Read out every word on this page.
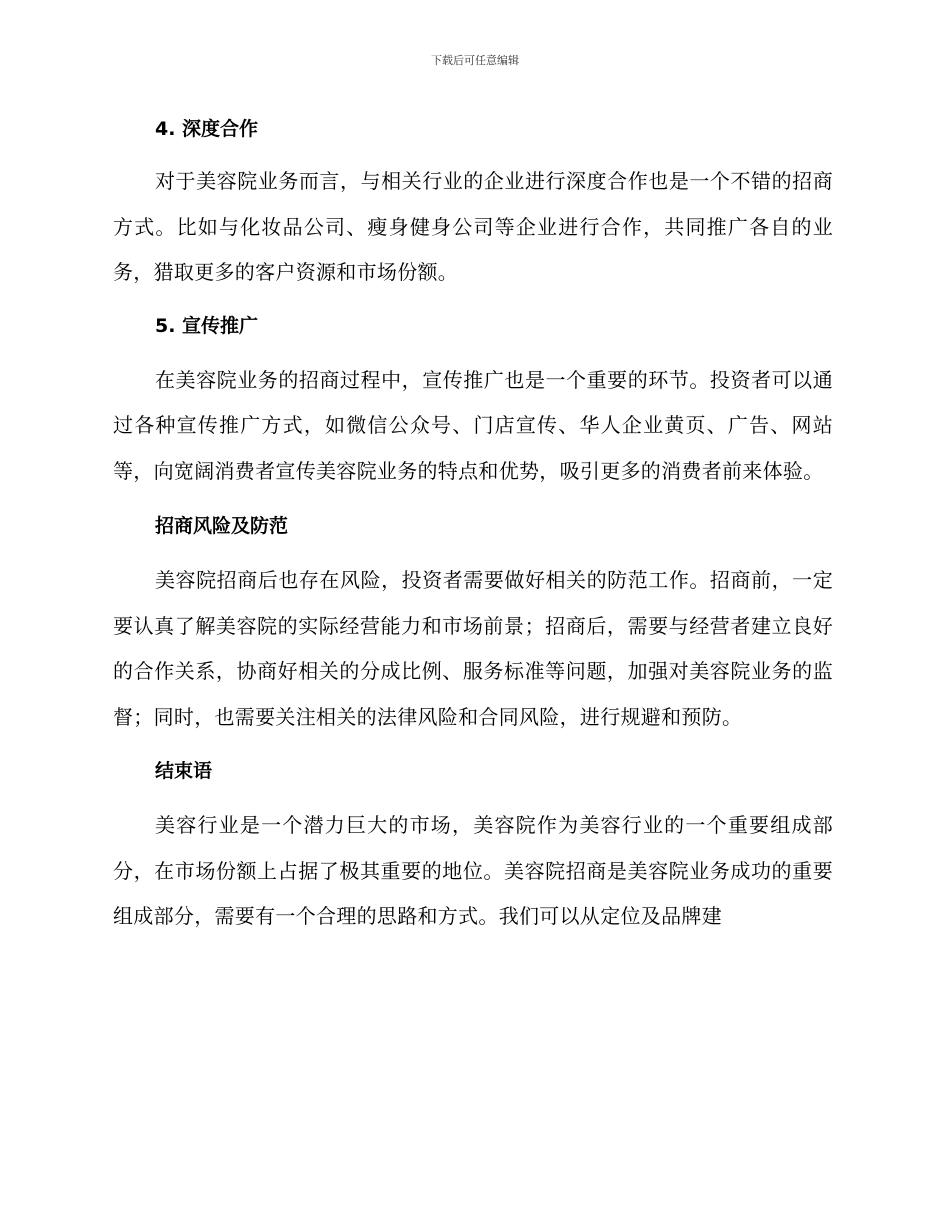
下载后可任意编辑
4. 深度合作

对于美容院业务而言，与相关行业的企业进行深度合作也是一个不错的招商方式。比如与化妆品公司、瘦身健身公司等企业进行合作，共同推广各自的业务，猎取更多的客户资源和市场份额。

5. 宣传推广

在美容院业务的招商过程中，宣传推广也是一个重要的环节。投资者可以通过各种宣传推广方式，如微信公众号、门店宣传、华人企业黄页、广告、网站等，向宽阔消费者宣传美容院业务的特点和优势，吸引更多的消费者前来体验。

招商风险及防范

美容院招商后也存在风险，投资者需要做好相关的防范工作。招商前，一定要认真了解美容院的实际经营能力和市场前景；招商后，需要与经营者建立良好的合作关系，协商好相关的分成比例、服务标准等问题，加强对美容院业务的监督；同时，也需要关注相关的法律风险和合同风险，进行规避和预防。

结束语

美容行业是一个潜力巨大的市场，美容院作为美容行业的一个重要组成部分，在市场份额上占据了极其重要的地位。美容院招商是美容院业务成功的重要组成部分，需要有一个合理的思路和方式。我们可以从定位及品牌建
